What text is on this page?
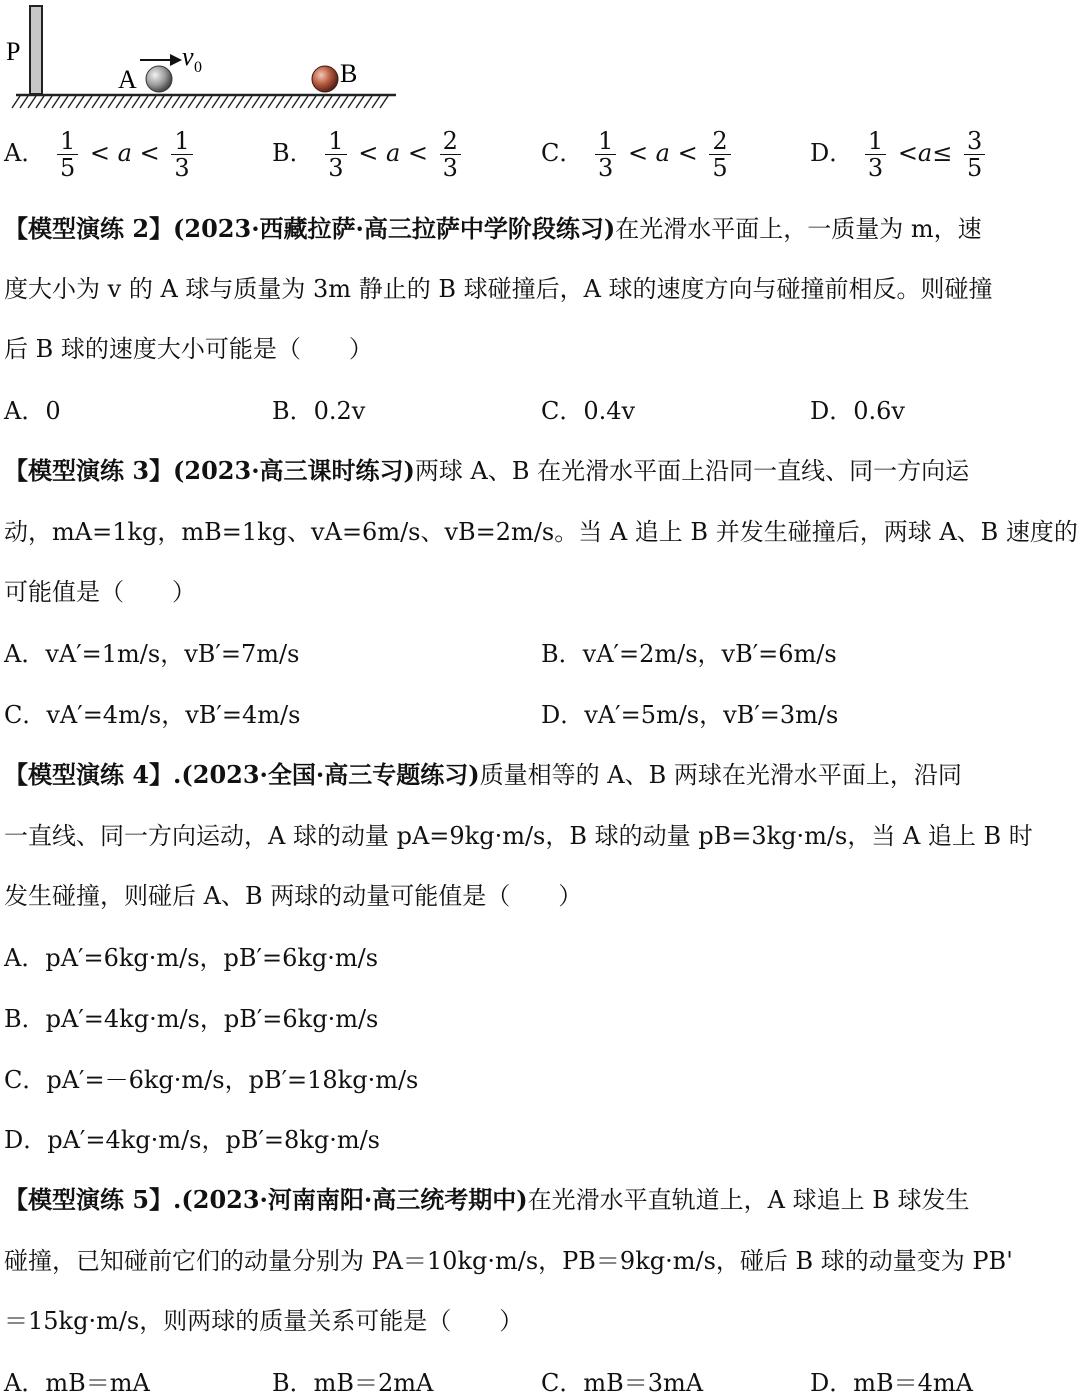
P
A	B
v 0
A． $\frac{1}{5} < a < \frac{1}{3}$	B． $\frac{1}{3} < a < \frac{2}{3}$	C． $\frac{1}{3} < a < \frac{2}{5}$	D． $\frac{1}{3} <a\le \frac{3}{5}$
【模型演练 2】(2023·西藏拉萨·高三拉萨中学阶段练习)在光滑水平面上，一质量为 m，速
度大小为 v 的 A 球与质量为 3m 静止的 B 球碰撞后，A 球的速度方向与碰撞前相反。则碰撞
后 B 球的速度大小可能是（　　）
A．0	B．0.2v	C．0.4v	D．0.6v
【模型演练 3】(2023·高三课时练习)两球 A、B 在光滑水平面上沿同一直线、同一方向运
动，mA=1kg，mB=1kg、vA=6m/s、vB=2m/s。当 A 追上 B 并发生碰撞后，两球 A、B 速度的
可能值是（　　）
A．vA′=1m/s，vB′=7m/s	B．vA′=2m/s，vB′=6m/s
C．vA′=4m/s，vB′=4m/s	D．vA′=5m/s，vB′=3m/s
【模型演练 4】.(2023·全国·高三专题练习)质量相等的 A、B 两球在光滑水平面上，沿同
一直线、同一方向运动，A 球的动量 pA=9kg·m/s，B 球的动量 pB=3kg·m/s，当 A 追上 B 时
发生碰撞，则碰后 A、B 两球的动量可能值是（　　）
A．pA′=6kg·m/s，pB′=6kg·m/s
B．pA′=4kg·m/s，pB′=6kg·m/s
C．pA′=－6kg·m/s，pB′=18kg·m/s
D．pA′=4kg·m/s，pB′=8kg·m/s
【模型演练 5】.(2023·河南南阳·高三统考期中)在光滑水平直轨道上，A 球追上 B 球发生
碰撞，已知碰前它们的动量分别为 PA＝10kg·m/s，PB＝9kg·m/s，碰后 B 球的动量变为 PB'
＝15kg·m/s，则两球的质量关系可能是（　　）
A．mB＝mA	B．mB＝2mA	C．mB＝3mA	D．mB＝4mA
